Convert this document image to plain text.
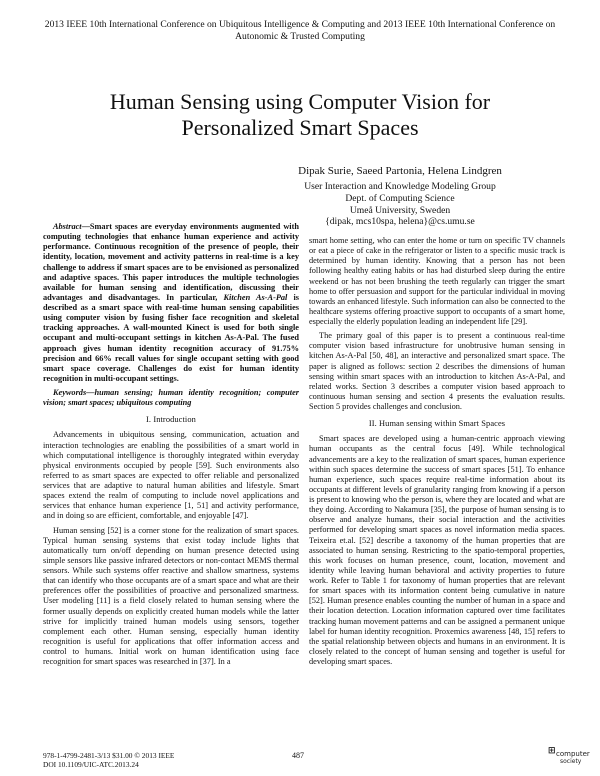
2013 IEEE 10th International Conference on Ubiquitous Intelligence & Computing and 2013 IEEE 10th International Conference on Autonomic & Trusted Computing
Human Sensing using Computer Vision for
Personalized Smart Spaces
Dipak Surie, Saeed Partonia, Helena Lindgren
User Interaction and Knowledge Modeling Group
Dept. of Computing Science
Umeå University, Sweden
{dipak, mcs10spa, helena}@cs.umu.se

Abstract—Smart spaces are everyday environments augmented with computing technologies that enhance human experience and activity performance. Continuous recognition of the presence of people, their identity, location, movement and activity patterns in real-time is a key challenge to address if smart spaces are to be envisioned as personalized and adaptive spaces. This paper introduces the multiple technologies available for human sensing and identification, discussing their advantages and disadvantages. In particular, Kitchen As-A-Pal is described as a smart space with real-time human sensing capabilities using computer vision by fusing fisher face recognition and skeletal tracking approaches. A wall-mounted Kinect is used for both single occupant and multi-occupant settings in kitchen As-A-Pal. The fused approach gives human identity recognition accuracy of 91.75% precision and 66% recall values for single occupant setting with good smart space coverage. Challenges do exist for human identity recognition in multi-occupant settings.

Keywords—human sensing; human identity recognition; computer vision; smart spaces; ubiquitous computing

I. Introduction

Advancements in ubiquitous sensing, communication, actuation and interaction technologies are enabling the possibilities of a smart world in which computational intelligence is thoroughly integrated within everyday physical environments occupied by people [59]. Such environments also referred to as smart spaces are expected to offer reliable and personalized services that are adaptive to natural human abilities and lifestyle. Smart spaces extend the realm of computing to include novel applications and services that enhance human experience [1, 51] and activity performance, and in doing so are efficient, comfortable, and enjoyable [47].

Human sensing [52] is a corner stone for the realization of smart spaces. Typical human sensing systems that exist today include lights that automatically turn on/off depending on human presence detected using simple sensors like passive infrared detectors or non-contact MEMS thermal sensors. While such systems offer reactive and shallow smartness, systems that can identify who those occupants are of a smart space and what are their preferences offer the possibilities of proactive and personalized smartness. User modeling [11] is a field closely related to human sensing where the former usually depends on explicitly created human models while the latter strive for implicitly trained human models using sensors, together complement each other. Human sensing, especially human identity recognition is useful for applications that offer information access and control to humans. Initial work on human identification using face recognition for smart spaces was researched in [37]. In a

smart home setting, who can enter the home or turn on specific TV channels or eat a piece of cake in the refrigerator or listen to a specific music track is determined by human identity. Knowing that a person has not been following healthy eating habits or has had disturbed sleep during the entire weekend or has not been brushing the teeth regularly can trigger the smart home to offer persuasion and support for the particular individual in moving towards an enhanced lifestyle. Such information can also be connected to the healthcare systems offering proactive support to occupants of a smart home, especially the elderly population leading an independent life [29].

The primary goal of this paper is to present a continuous real-time computer vision based infrastructure for unobtrusive human sensing in kitchen As-A-Pal [50, 48], an interactive and personalized smart space. The paper is aligned as follows: section 2 describes the dimensions of human sensing within smart spaces with an introduction to kitchen As-A-Pal, and related works. Section 3 describes a computer vision based approach to continuous human sensing and section 4 presents the evaluation results. Section 5 provides challenges and conclusion.

II. Human sensing within Smart Spaces

Smart spaces are developed using a human-centric approach viewing human occupants as the central focus [49]. While technological advancements are a key to the realization of smart spaces, human experience within such spaces determine the success of smart spaces [51]. To enhance human experience, such spaces require real-time information about its occupants at different levels of granularity ranging from knowing if a person is present to knowing who the person is, where they are located and what are they doing. According to Nakamura [35], the purpose of human sensing is to observe and analyze humans, their social interaction and the activities performed for developing smart spaces as novel information media spaces. Teixeira et.al. [52] describe a taxonomy of the human properties that are associated to human sensing. Restricting to the spatio-temporal properties, this work focuses on human presence, count, location, movement and identity while leaving human behavioral and activity properties to future work. Refer to Table 1 for taxonomy of human properties that are relevant for smart spaces with its information content being cumulative in nature [52]. Human presence enables counting the number of human in a space and their location detection. Location information captured over time facilitates tracking human movement patterns and can be assigned a permanent unique label for human identity recognition. Proxemics awareness [48, 15] refers to the spatial relationship between objects and humans in an environment. It is closely related to the concept of human sensing and together is useful for developing smart spaces.

978-1-4799-2481-3/13 $31.00 © 2013 IEEE
DOI 10.1109/UIC-ATC.2013.24
487	⊞ computer
society
